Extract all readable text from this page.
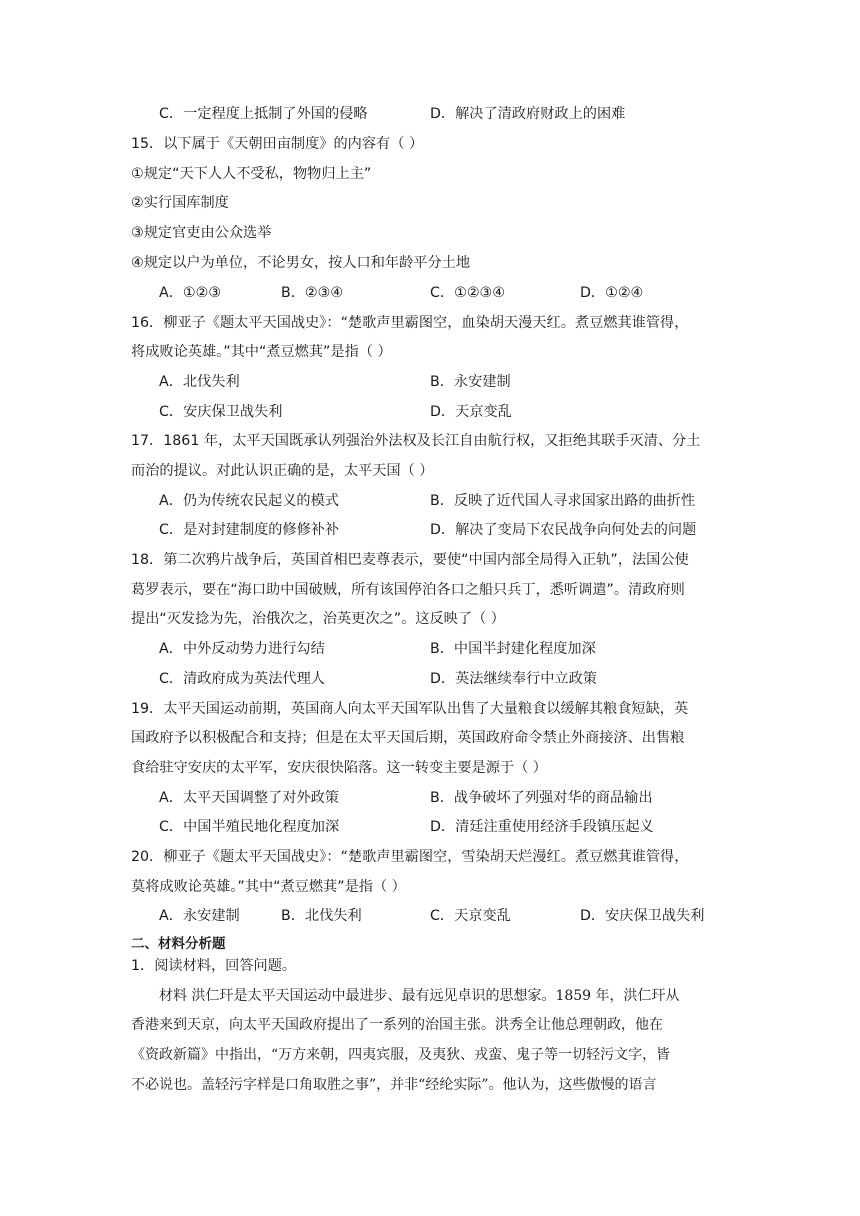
C．一定程度上抵制了外国的侵略	D．解决了清政府财政上的困难
15．以下属于《天朝田亩制度》的内容有（ ）
①规定“天下人人不受私，物物归上主”
②实行国库制度
③规定官吏由公众选举
④规定以户为单位，不论男女，按人口和年龄平分土地
A．①②③	B．②③④	C．①②③④	D．①②④
16．柳亚子《题太平天国战史》：“楚歌声里霸图空，血染胡天漫天红。煮豆燃萁谁管得，
将成败论英雄。”其中“煮豆燃萁”是指（ ）
A．北伐失利	B．永安建制
C．安庆保卫战失利	D．天京变乱
17．1861 年，太平天国既承认列强治外法权及长江自由航行权，又拒绝其联手灭清、分土
而治的提议。对此认识正确的是，太平天国（ ）
A．仍为传统农民起义的模式	B．反映了近代国人寻求国家出路的曲折性
C．是对封建制度的修修补补	D．解决了变局下农民战争向何处去的问题
18．第二次鸦片战争后，英国首相巴麦尊表示，要使“中国内部全局得入正轨”，法国公使
葛罗表示，要在“海口助中国破贼，所有该国停泊各口之船只兵丁，悉听调遣”。清政府则
提出“灭发捻为先，治俄次之，治英更次之”。这反映了（ ）
A．中外反动势力进行勾结	B．中国半封建化程度加深
C．清政府成为英法代理人	D．英法继续奉行中立政策
19．太平天国运动前期，英国商人向太平天国军队出售了大量粮食以缓解其粮食短缺，英
国政府予以积极配合和支持；但是在太平天国后期，英国政府命令禁止外商接济、出售粮
食给驻守安庆的太平军，安庆很快陷落。这一转变主要是源于（ ）
A．太平天国调整了对外政策	B．战争破坏了列强对华的商品输出
C．中国半殖民地化程度加深	D．清廷注重使用经济手段镇压起义
20．柳亚子《题太平天国战史》：“楚歌声里霸图空，雪染胡天烂漫红。煮豆燃萁谁管得，
莫将成败论英雄。”其中“煮豆燃萁”是指（ ）
A．永安建制	B．北伐失利	C．天京变乱	D．安庆保卫战失利
二、材料分析题
1．阅读材料，回答问题。
材料 洪仁玕是太平天国运动中最进步、最有远见卓识的思想家。1859 年，洪仁玕从
香港来到天京，向太平天国政府提出了一系列的治国主张。洪秀全让他总理朝政，他在
《资政新篇》中指出，“万方来朝，四夷宾服，及夷狄、戎蛮、鬼子等一切轻污文字，皆
不必说也。盖轻污字样是口角取胜之事”，并非“经纶实际”。他认为，这些傲慢的语言
